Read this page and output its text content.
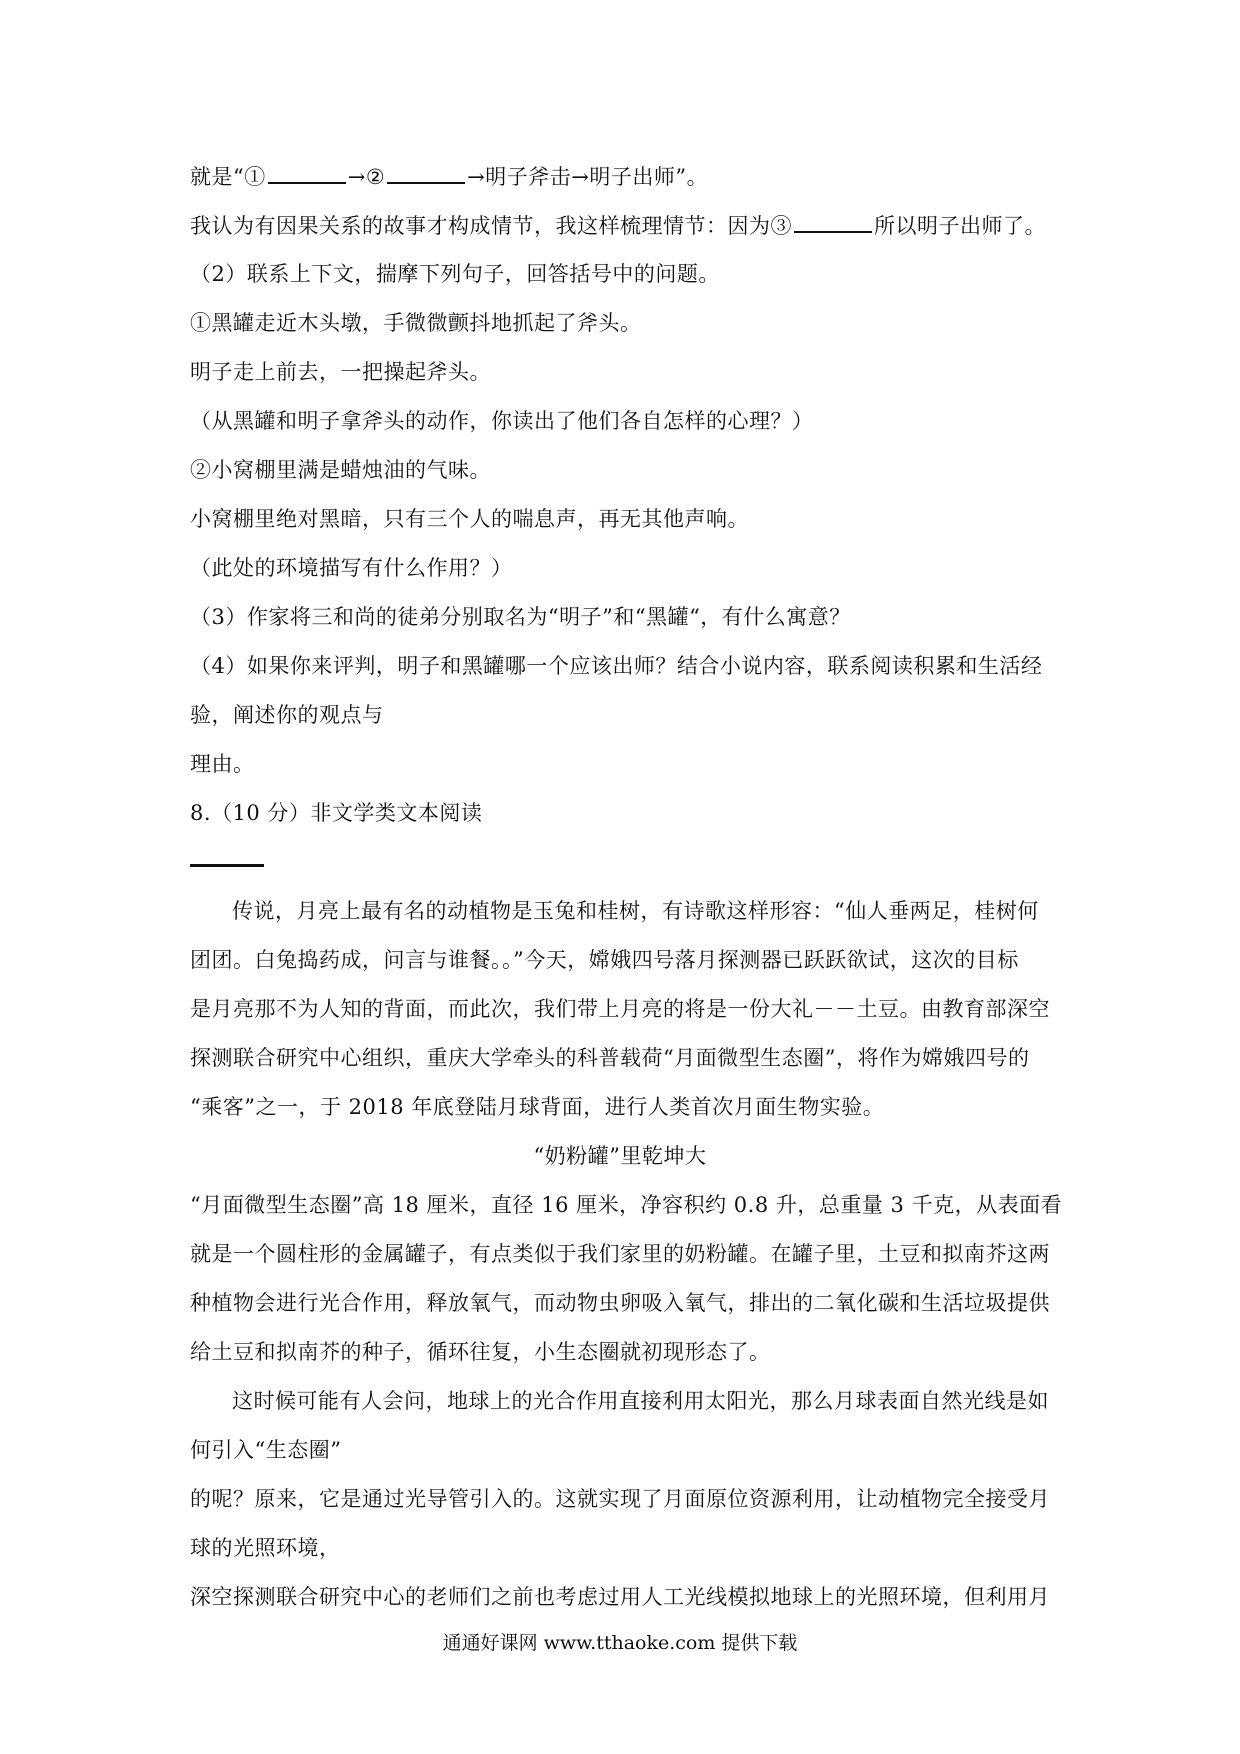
就是“①	→②	→明子斧击→明子出师”。
我认为有因果关系的故事才构成情节，我这样梳理情节：因为③	所以明子出师了。
（2）联系上下文，揣摩下列句子，回答括号中的问题。
①黑罐走近木头墩，手微微颤抖地抓起了斧头。
明子走上前去，一把操起斧头。
（从黑罐和明子拿斧头的动作，你读出了他们各自怎样的心理？）
②小窝棚里满是蜡烛油的气味。
小窝棚里绝对黑暗，只有三个人的喘息声，再无其他声响。
（此处的环境描写有什么作用？）
（3）作家将三和尚的徒弟分别取名为“明子”和“黑罐“，有什么寓意？
（4）如果你来评判，明子和黑罐哪一个应该出师？结合小说内容，联系阅读积累和生活经
验，阐述你的观点与
理由。
8.（10 分）非文学类文本阅读
传说，月亮上最有名的动植物是玉兔和桂树，有诗歌这样形容：“仙人垂两足，桂树何
团团。白兔捣药成，问言与谁餐。。”今天，嫦娥四号落月探测器已跃跃欲试，这次的目标
是月亮那不为人知的背面，而此次，我们带上月亮的将是一份大礼－－土豆。由教育部深空
探测联合研究中心组织，重庆大学牵头的科普载荷“月面微型生态圈”，将作为嫦娥四号的
“乘客”之一，于 2018 年底登陆月球背面，进行人类首次月面生物实验。
“奶粉罐”里乾坤大
“月面微型生态圈”高 18 厘米，直径 16 厘米，净容积约 0.8 升，总重量 3 千克，从表面看
就是一个圆柱形的金属罐子，有点类似于我们家里的奶粉罐。在罐子里，土豆和拟南芥这两
种植物会进行光合作用，释放氧气，而动物虫卵吸入氧气，排出的二氧化碳和生活垃圾提供
给土豆和拟南芥的种子，循环往复，小生态圈就初现形态了。
这时候可能有人会问，地球上的光合作用直接利用太阳光，那么月球表面自然光线是如
何引入“生态圈”
的呢？原来，它是通过光导管引入的。这就实现了月面原位资源利用，让动植物完全接受月
球的光照环境，
深空探测联合研究中心的老师们之前也考虑过用人工光线模拟地球上的光照环境，但利用月
通通好课网 www.tthaoke.com 提供下载
